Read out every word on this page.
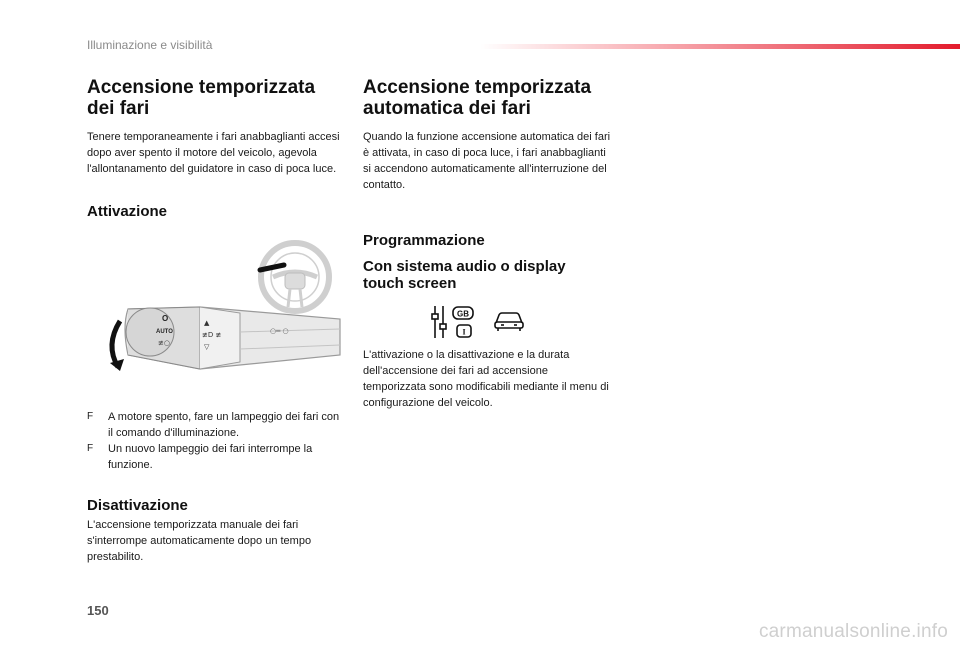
Illuminazione e visibilità
Accensione temporizzata dei fari

Tenere temporaneamente i fari anabbaglianti accesi dopo aver spento il motore del veicolo, agevola l'allontanamento del guidatore in caso di poca luce.

Attivazione
O
AUTO
≢○
▲
≢D ≢
▽
○═ ○
F A motore spento, fare un lampeggio dei fari con il comando d'illuminazione.
F Un nuovo lampeggio dei fari interrompe la funzione.
Disattivazione

L'accensione temporizzata manuale dei fari s'interrompe automaticamente dopo un tempo prestabilito.

Accensione temporizzata automatica dei fari

Quando la funzione accensione automatica dei fari è attivata, in caso di poca luce, i fari anabbaglianti si accendono automaticamente all'interruzione del contatto.

Programmazione
Con sistema audio o display touch screen
GB
I

L'attivazione o la disattivazione e la durata dell'accensione dei fari ad accensione temporizzata sono modificabili mediante il menu di configurazione del veicolo.

150
carmanualsonline.info
